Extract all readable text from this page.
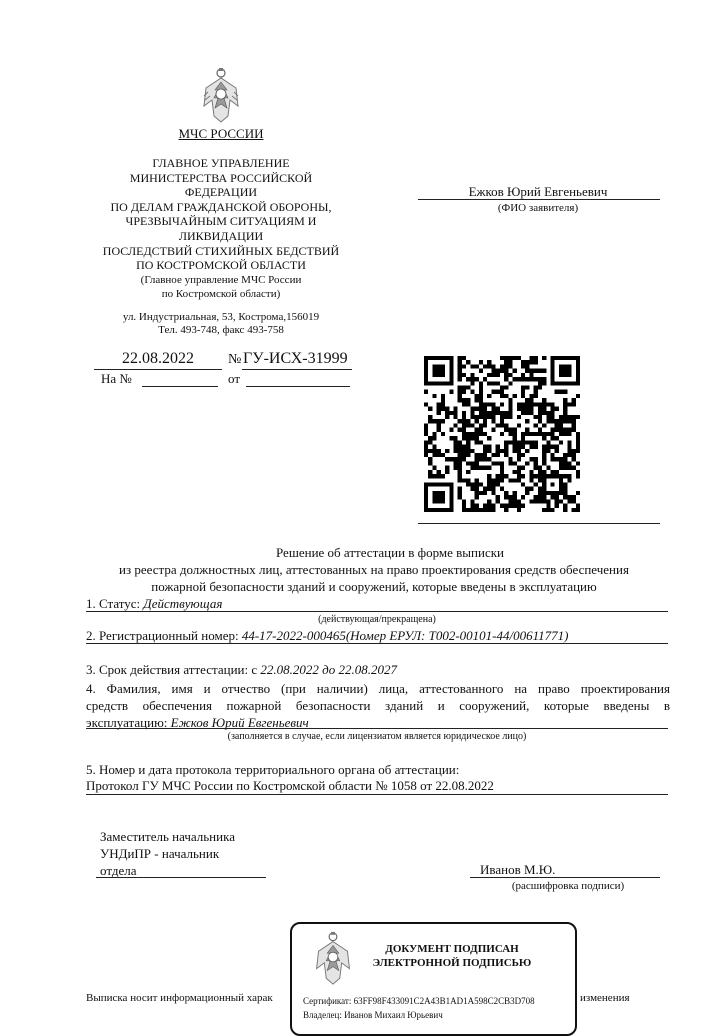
МЧС РОССИИ
ГЛАВНОЕ УПРАВЛЕНИЕ
МИНИСТЕРСТВА РОССИЙСКОЙ
ФЕДЕРАЦИИ
ПО ДЕЛАМ ГРАЖДАНСКОЙ ОБОРОНЫ,
ЧРЕЗВЫЧАЙНЫМ СИТУАЦИЯМ И
ЛИКВИДАЦИИ
ПОСЛЕДСТВИЙ СТИХИЙНЫХ БЕДСТВИЙ
ПО КОСТРОМСКОЙ ОБЛАСТИ
(Главное управление МЧС России
по Костромской области)
ул. Индустриальная, 53, Кострома,156019
Тел. 493-748, факс 493-758
22.08.2022	№ ГУ-ИСХ-31999
На №	от
Ежков Юрий Евгеньевич
(ФИО заявителя)
Решение об аттестации в форме выписки
из реестра должностных лиц, аттестованных на право проектирования средств обеспечения
пожарной безопасности зданий и сооружений, которые введены в эксплуатацию
1. Статус: Действующая
(действующая/прекращена)
2. Регистрационный номер: 44-17-2022-000465(Номер ЕРУЛ: Т002-00101-44/00611771)
3. Срок действия аттестации: с 22.08.2022 до 22.08.2027
4. Фамилия, имя и отчество (при наличии) лица, аттестованного на право проектирования
средств обеспечения пожарной безопасности зданий и сооружений, которые введены в
эксплуатацию: Ежков Юрий Евгеньевич
(заполняется в случае, если лицензиатом является юридическое лицо)
5. Номер и дата протокола территориального органа об аттестации:
Протокол ГУ МЧС России по Костромской области № 1058 от 22.08.2022
Заместитель начальника
УНДиПР - начальник
отдела	Иванов М.Ю.
(расшифровка подписи)
Выписка носит информационный харак	изменения
ДОКУМЕНТ ПОДПИСАН
ЭЛЕКТРОННОЙ ПОДПИСЬЮ
Сертификат: 63FF98F433091C2A43B1AD1A598C2CB3D708
Владелец: Иванов Михаил Юрьевич
